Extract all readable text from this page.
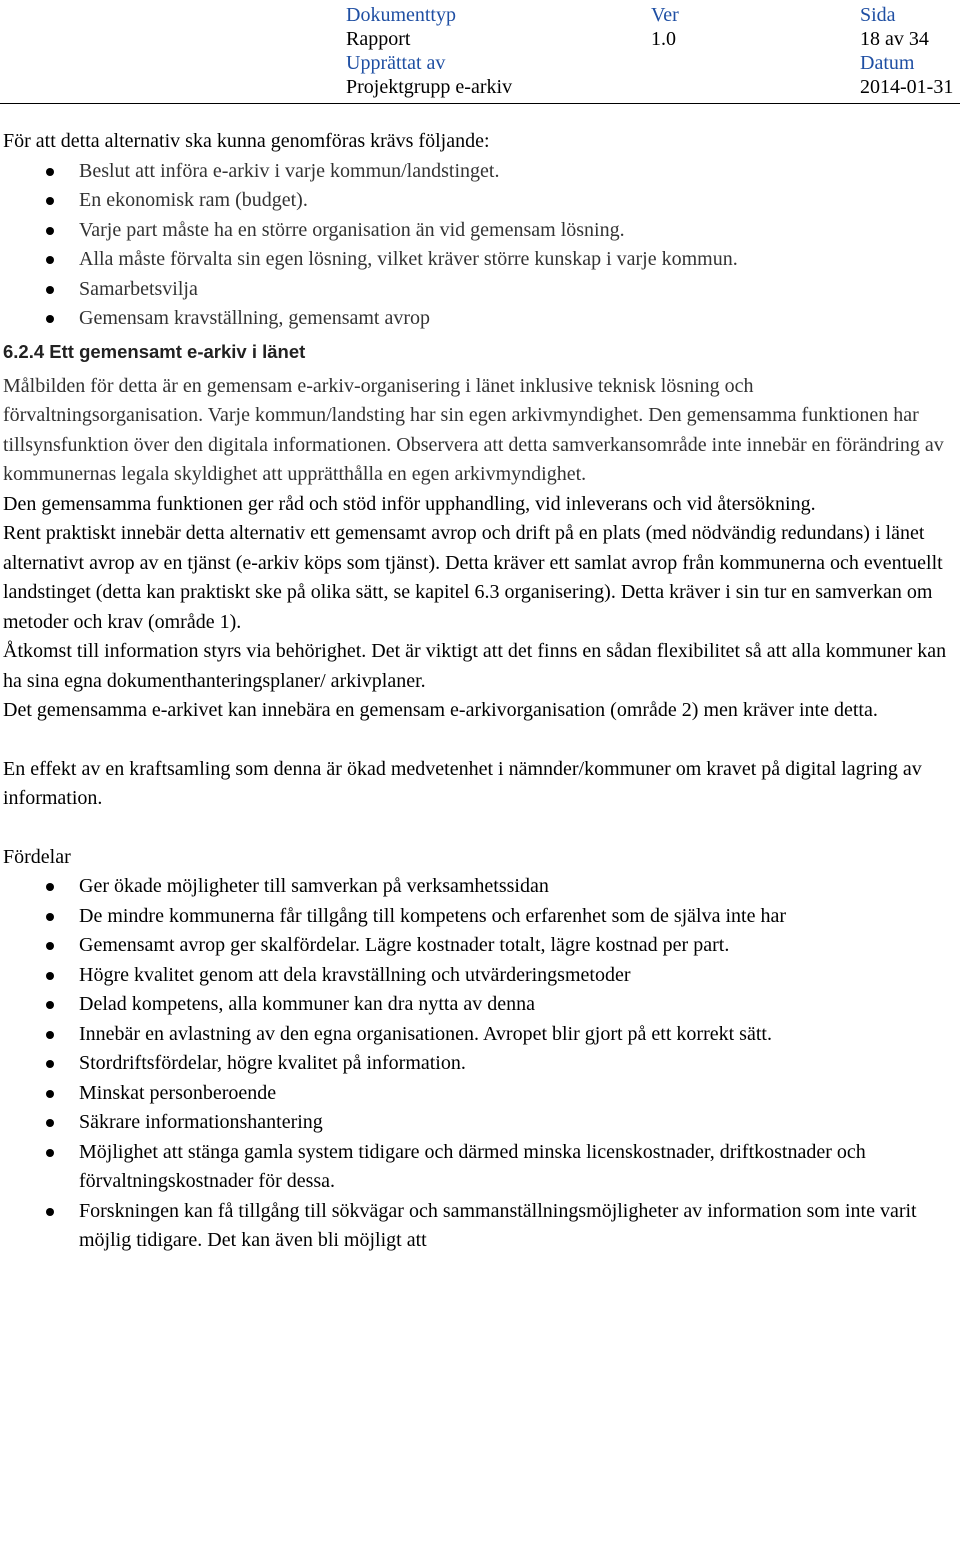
Dokumenttyp
Rapport
Ver
1.0
Sida
18 av 34
Upprättat av
Projektgrupp e-arkiv
Datum
2014-01-31

För att detta alternativ ska kunna genomföras krävs följande:

Beslut att införa e-arkiv i varje kommun/landstinget.
En ekonomisk ram (budget).
Varje part måste ha en större organisation än vid gemensam lösning.
Alla måste förvalta sin egen lösning, vilket kräver större kunskap i varje kommun.
Samarbetsvilja
Gemensam kravställning, gemensamt avrop

6.2.4 Ett gemensamt e-arkiv i länet

Målbilden för detta är en gemensam e-arkiv-organisering i länet inklusive teknisk lösning och förvaltningsorganisation. Varje kommun/landsting har sin egen arkivmyndighet. Den gemensamma funktionen har tillsynsfunktion över den digitala informationen. Observera att detta samverkansområde inte innebär en förändring av kommunernas legala skyldighet att upprätthålla en egen arkivmyndighet.

Den gemensamma funktionen ger råd och stöd inför upphandling, vid inleverans och vid återsökning.

Rent praktiskt innebär detta alternativ ett gemensamt avrop och drift på en plats (med nödvändig redundans) i länet alternativt avrop av en tjänst (e-arkiv köps som tjänst). Detta kräver ett samlat avrop från kommunerna och eventuellt landstinget (detta kan praktiskt ske på olika sätt, se kapitel 6.3 organisering). Detta kräver i sin tur en samverkan om metoder och krav (område 1).

Åtkomst till information styrs via behörighet. Det är viktigt att det finns en sådan flexibilitet så att alla kommuner kan ha sina egna dokumenthanteringsplaner/ arkivplaner.

Det gemensamma e-arkivet kan innebära en gemensam e-arkivorganisation (område 2) men kräver inte detta.

En effekt av en kraftsamling som denna är ökad medvetenhet i nämnder/kommuner om kravet på digital lagring av information.

Fördelar

Ger ökade möjligheter till samverkan på verksamhetssidan
De mindre kommunerna får tillgång till kompetens och erfarenhet som de själva inte har
Gemensamt avrop ger skalfördelar. Lägre kostnader totalt, lägre kostnad per part.
Högre kvalitet genom att dela kravställning och utvärderingsmetoder
Delad kompetens, alla kommuner kan dra nytta av denna
Innebär en avlastning av den egna organisationen. Avropet blir gjort på ett korrekt sätt.
Stordriftsfördelar, högre kvalitet på information.
Minskat personberoende
Säkrare informationshantering
Möjlighet att stänga gamla system tidigare och därmed minska licenskostnader, driftkostnader och förvaltningskostnader för dessa.
Forskningen kan få tillgång till sökvägar och sammanställningsmöjligheter av information som inte varit möjlig tidigare. Det kan även bli möjligt att
